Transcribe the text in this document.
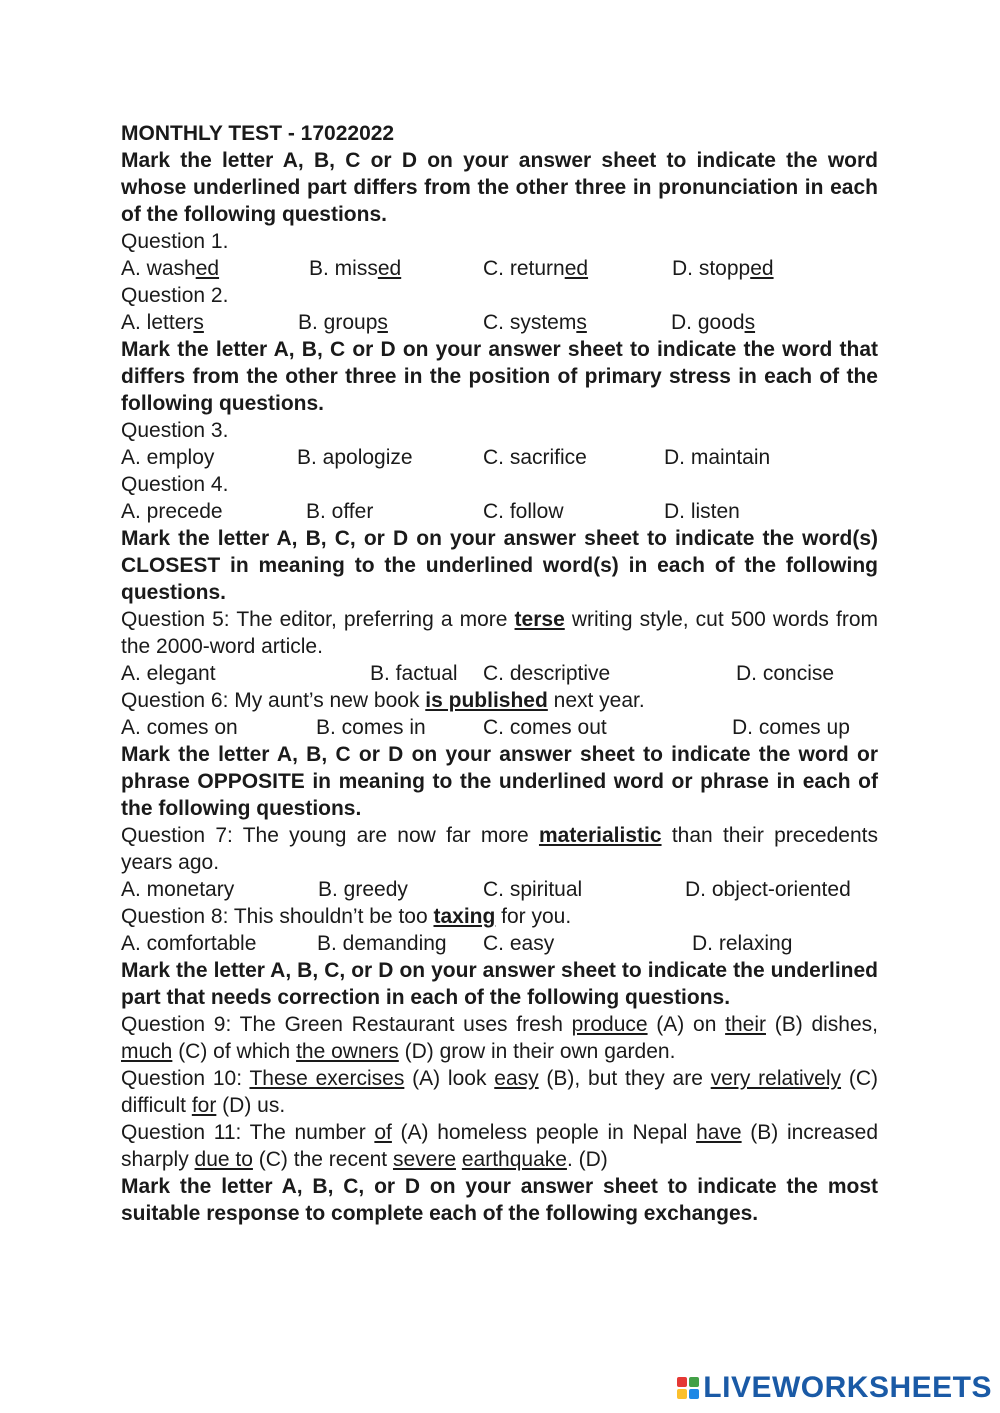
MONTHLY TEST - 17022022
Mark the letter A, B, C or D on your answer sheet to indicate the word whose underlined part differs from the other three in pronunciation in each of the following questions.
Question 1.
A. washed	B. missed	C. returned	D. stopped
Question 2.
A. letters	B. groups	C. systems	D. goods
Mark the letter A, B, C or D on your answer sheet to indicate the word that differs from the other three in the position of primary stress in each of the following questions.
Question 3.
A. employ	B. apologize	C. sacrifice	D. maintain
Question 4.
A. precede	B. offer	C. follow	D. listen
Mark the letter A, B, C, or D on your answer sheet to indicate the word(s) CLOSEST in meaning to the underlined word(s) in each of the following questions.
Question 5: The editor, preferring a more terse writing style, cut 500 words from the 2000-word article.
A. elegant	B. factual C. descriptive	D. concise
Question 6: My aunt’s new book is published next year.
A. comes on	B. comes in	C. comes out	D. comes up
Mark the letter A, B, C or D on your answer sheet to indicate the word or phrase OPPOSITE in meaning to the underlined word or phrase in each of the following questions.
Question 7: The young are now far more materialistic than their precedents years ago.
A. monetary	B. greedy	C. spiritual	D. object-oriented
Question 8: This shouldn’t be too taxing for you.
A. comfortable	B. demanding C. easy	D. relaxing
Mark the letter A, B, C, or D on your answer sheet to indicate the underlined part that needs correction in each of the following questions.
Question 9: The Green Restaurant uses fresh produce (A) on their (B) dishes, much (C) of which the owners (D) grow in their own garden.
Question 10: These exercises (A) look easy (B), but they are very relatively (C) difficult for (D) us.
Question 11: The number of (A) homeless people in Nepal have (B) increased sharply due to (C) the recent severe earthquake. (D)
Mark the letter A, B, C, or D on your answer sheet to indicate the most suitable response to complete each of the following exchanges.
LIVEWORKSHEETS
